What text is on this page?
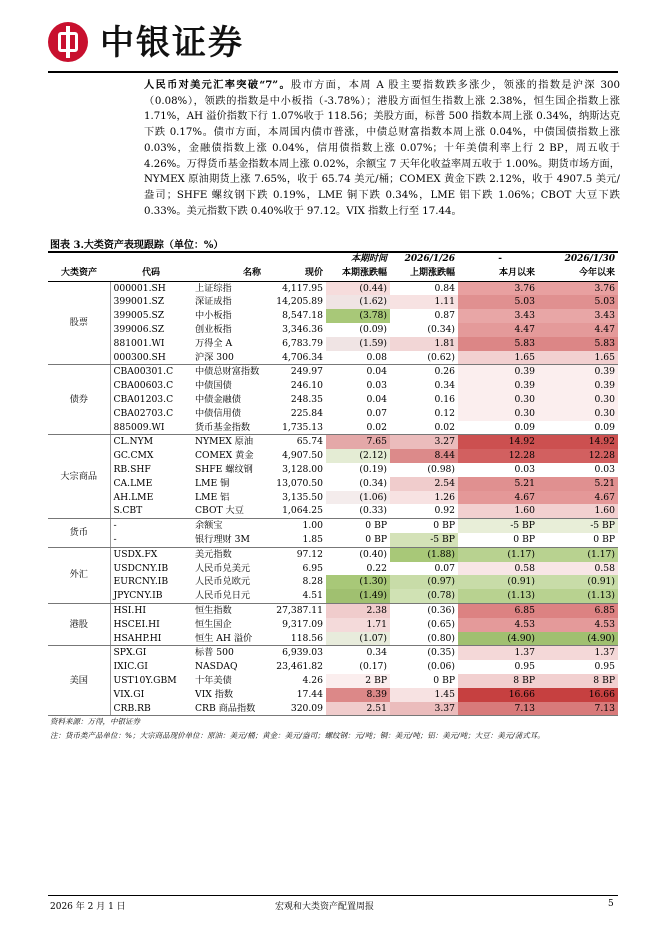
中银证券
人民币对美元汇率突破“7”。股市方面，本周 A 股主要指数跌多涨少，领涨的指数是沪深 300（0.08%），领跌的指数是中小板指（-3.78%）；港股方面恒生指数上涨 2.38%，恒生国企指数上涨 1.71%，AH 溢价指数下行 1.07%收于 118.56；美股方面，标普 500 指数本周上涨 0.34%，纳斯达克下跌 0.17%。债市方面，本周国内债市普涨，中债总财富指数本周上涨 0.04%，中债国债指数上涨 0.03%，金融债指数上涨 0.04%，信用债指数上涨 0.07%；十年美债利率上行 2 BP，周五收于 4.26%。万得货币基金指数本周上涨 0.02%，余额宝 7 天年化收益率周五收于 1.00%。期货市场方面，NYMEX 原油期货上涨 7.65%，收于 65.74 美元/桶；COMEX 黄金下跌 2.12%，收于 4907.5 美元/盎司；SHFE 螺纹钢下跌 0.19%，LME 铜下跌 0.34%，LME 铝下跌 1.06%；CBOT 大豆下跌 0.33%。美元指数下跌 0.40%收于 97.12。VIX 指数上行至 17.44。
图表 3.大类资产表现跟踪（单位：%）
				本期时间	2026/1/26	-	2026/1/30
大类资产	代码	名称	现价	本期涨跌幅	上期涨跌幅	本月以来	今年以来
股票	000001.SH	上证综指	4,117.95	(0.44)	0.84	3.76	3.76
	399001.SZ	深证成指	14,205.89	(1.62)	1.11	5.03	5.03
	399005.SZ	中小板指	8,547.18	(3.78)	0.87	3.43	3.43
	399006.SZ	创业板指	3,346.36	(0.09)	(0.34)	4.47	4.47
	881001.WI	万得全 A	6,783.79	(1.59)	1.81	5.83	5.83
	000300.SH	沪深 300	4,706.34	0.08	(0.62)	1.65	1.65
债券	CBA00301.C	中债总财富指数	249.97	0.04	0.26	0.39	0.39
	CBA00603.C	中债国债	246.10	0.03	0.34	0.39	0.39
	CBA01203.C	中债金融债	248.35	0.04	0.16	0.30	0.30
	CBA02703.C	中债信用债	225.84	0.07	0.12	0.30	0.30
	885009.WI	货币基金指数	1,735.13	0.02	0.02	0.09	0.09
大宗商品	CL.NYM	NYMEX 原油	65.74	7.65	3.27	14.92	14.92
	GC.CMX	COMEX 黄金	4,907.50	(2.12)	8.44	12.28	12.28
	RB.SHF	SHFE 螺纹钢	3,128.00	(0.19)	(0.98)	0.03	0.03
	CA.LME	LME 铜	13,070.50	(0.34)	2.54	5.21	5.21
	AH.LME	LME 铝	3,135.50	(1.06)	1.26	4.67	4.67
	S.CBT	CBOT 大豆	1,064.25	(0.33)	0.92	1.60	1.60
货币	-	余额宝	1.00	0 BP	0 BP	-5 BP	-5 BP
	-	银行理财 3M	1.85	0 BP	-5 BP	0 BP	0 BP
外汇	USDX.FX	美元指数	97.12	(0.40)	(1.88)	(1.17)	(1.17)
	USDCNY.IB	人民币兑美元	6.95	0.22	0.07	0.58	0.58
	EURCNY.IB	人民币兑欧元	8.28	(1.30)	(0.97)	(0.91)	(0.91)
	JPYCNY.IB	人民币兑日元	4.51	(1.49)	(0.78)	(1.13)	(1.13)
港股	HSI.HI	恒生指数	27,387.11	2.38	(0.36)	6.85	6.85
	HSCEI.HI	恒生国企	9,317.09	1.71	(0.65)	4.53	4.53
	HSAHP.HI	恒生 AH 溢价	118.56	(1.07)	(0.80)	(4.90)	(4.90)
美国	SPX.GI	标普 500	6,939.03	0.34	(0.35)	1.37	1.37
	IXIC.GI	NASDAQ	23,461.82	(0.17)	(0.06)	0.95	0.95
	UST10Y.GBM	十年美债	4.26	2 BP	0 BP	8 BP	8 BP
	VIX.GI	VIX 指数	17.44	8.39	1.45	16.66	16.66
	CRB.RB	CRB 商品指数	320.09	2.51	3.37	7.13	7.13
资料来源：万得，中银证券
注：货币类产品单位：%；大宗商品现价单位：原油：美元/桶；黄金：美元/盎司；螺纹钢：元/吨；铜：美元/吨；铝：美元/吨；大豆：美元/蒲式耳。
2026 年 2 月 1 日	宏观和大类资产配置周报	5
